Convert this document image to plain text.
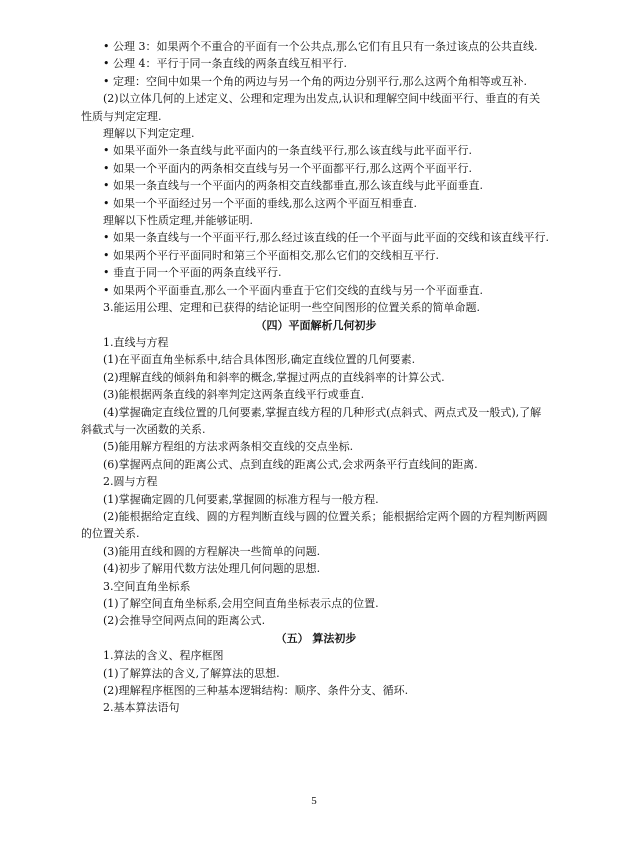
• 公理 3：如果两个不重合的平面有一个公共点,那么它们有且只有一条过该点的公共直线.

• 公理 4：平行于同一条直线的两条直线互相平行.

• 定理：空间中如果一个角的两边与另一个角的两边分别平行,那么这两个角相等或互补.

(2)以立体几何的上述定义、公理和定理为出发点,认识和理解空间中线面平行、垂直的有关性质与判定定理.

理解以下判定定理.

• 如果平面外一条直线与此平面内的一条直线平行,那么该直线与此平面平行.

• 如果一个平面内的两条相交直线与另一个平面都平行,那么这两个平面平行.

• 如果一条直线与一个平面内的两条相交直线都垂直,那么该直线与此平面垂直.

• 如果一个平面经过另一个平面的垂线,那么这两个平面互相垂直.

理解以下性质定理,并能够证明.

• 如果一条直线与一个平面平行,那么经过该直线的任一个平面与此平面的交线和该直线平行.

• 如果两个平行平面同时和第三个平面相交,那么它们的交线相互平行.

• 垂直于同一个平面的两条直线平行.

• 如果两个平面垂直,那么一个平面内垂直于它们交线的直线与另一个平面垂直.

3.能运用公理、定理和已获得的结论证明一些空间图形的位置关系的简单命题.

（四）平面解析几何初步

1.直线与方程

(1)在平面直角坐标系中,结合具体图形,确定直线位置的几何要素.

(2)理解直线的倾斜角和斜率的概念,掌握过两点的直线斜率的计算公式.

(3)能根据两条直线的斜率判定这两条直线平行或垂直.

(4)掌握确定直线位置的几何要素,掌握直线方程的几种形式(点斜式、两点式及一般式),了解斜截式与一次函数的关系.

(5)能用解方程组的方法求两条相交直线的交点坐标.

(6)掌握两点间的距离公式、点到直线的距离公式,会求两条平行直线间的距离.

2.圆与方程

(1)掌握确定圆的几何要素,掌握圆的标准方程与一般方程.

(2)能根据给定直线、圆的方程判断直线与圆的位置关系；能根据给定两个圆的方程判断两圆的位置关系.

(3)能用直线和圆的方程解决一些简单的问题.

(4)初步了解用代数方法处理几何问题的思想.

3.空间直角坐标系

(1)了解空间直角坐标系,会用空间直角坐标表示点的位置.

(2)会推导空间两点间的距离公式.

（五） 算法初步

1.算法的含义、程序框图

(1)了解算法的含义,了解算法的思想.

(2)理解程序框图的三种基本逻辑结构：顺序、条件分支、循环.

2.基本算法语句

5
